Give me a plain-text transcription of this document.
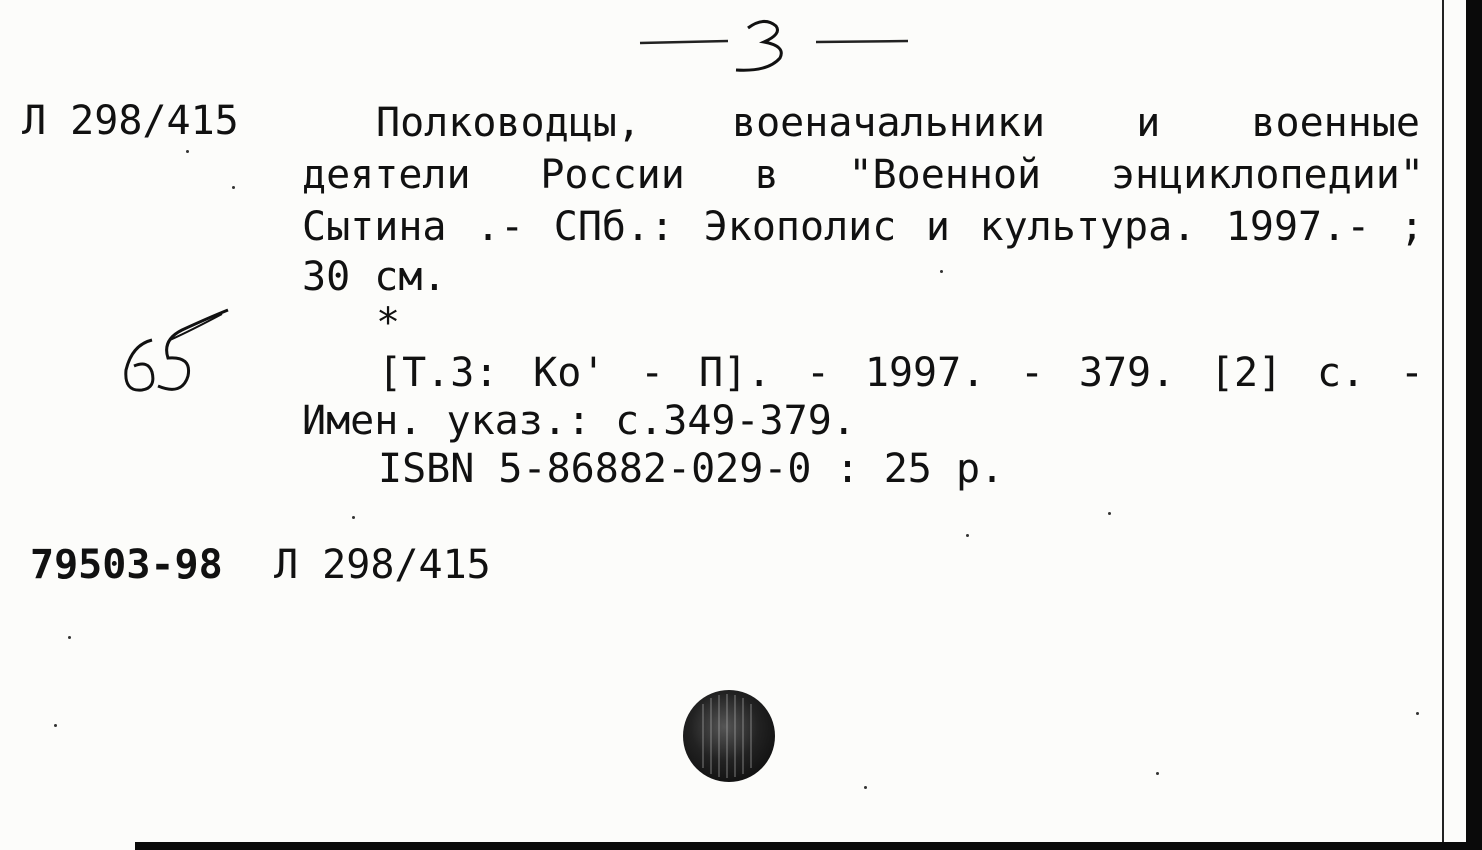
Л 298/415	Полководцы, военачальники и военные
деятели России в "Военной энциклопедии"
Сытина .- СПб.: Экополис и культура. 1997.- ;
30 см.
*
[Т.3: Ко' - П]. - 1997. - 379. [2] с. -
Имен. указ.: с.349-379.
ISBN 5-86882-029-0 : 25 р.
79503-98 Л 298/415
